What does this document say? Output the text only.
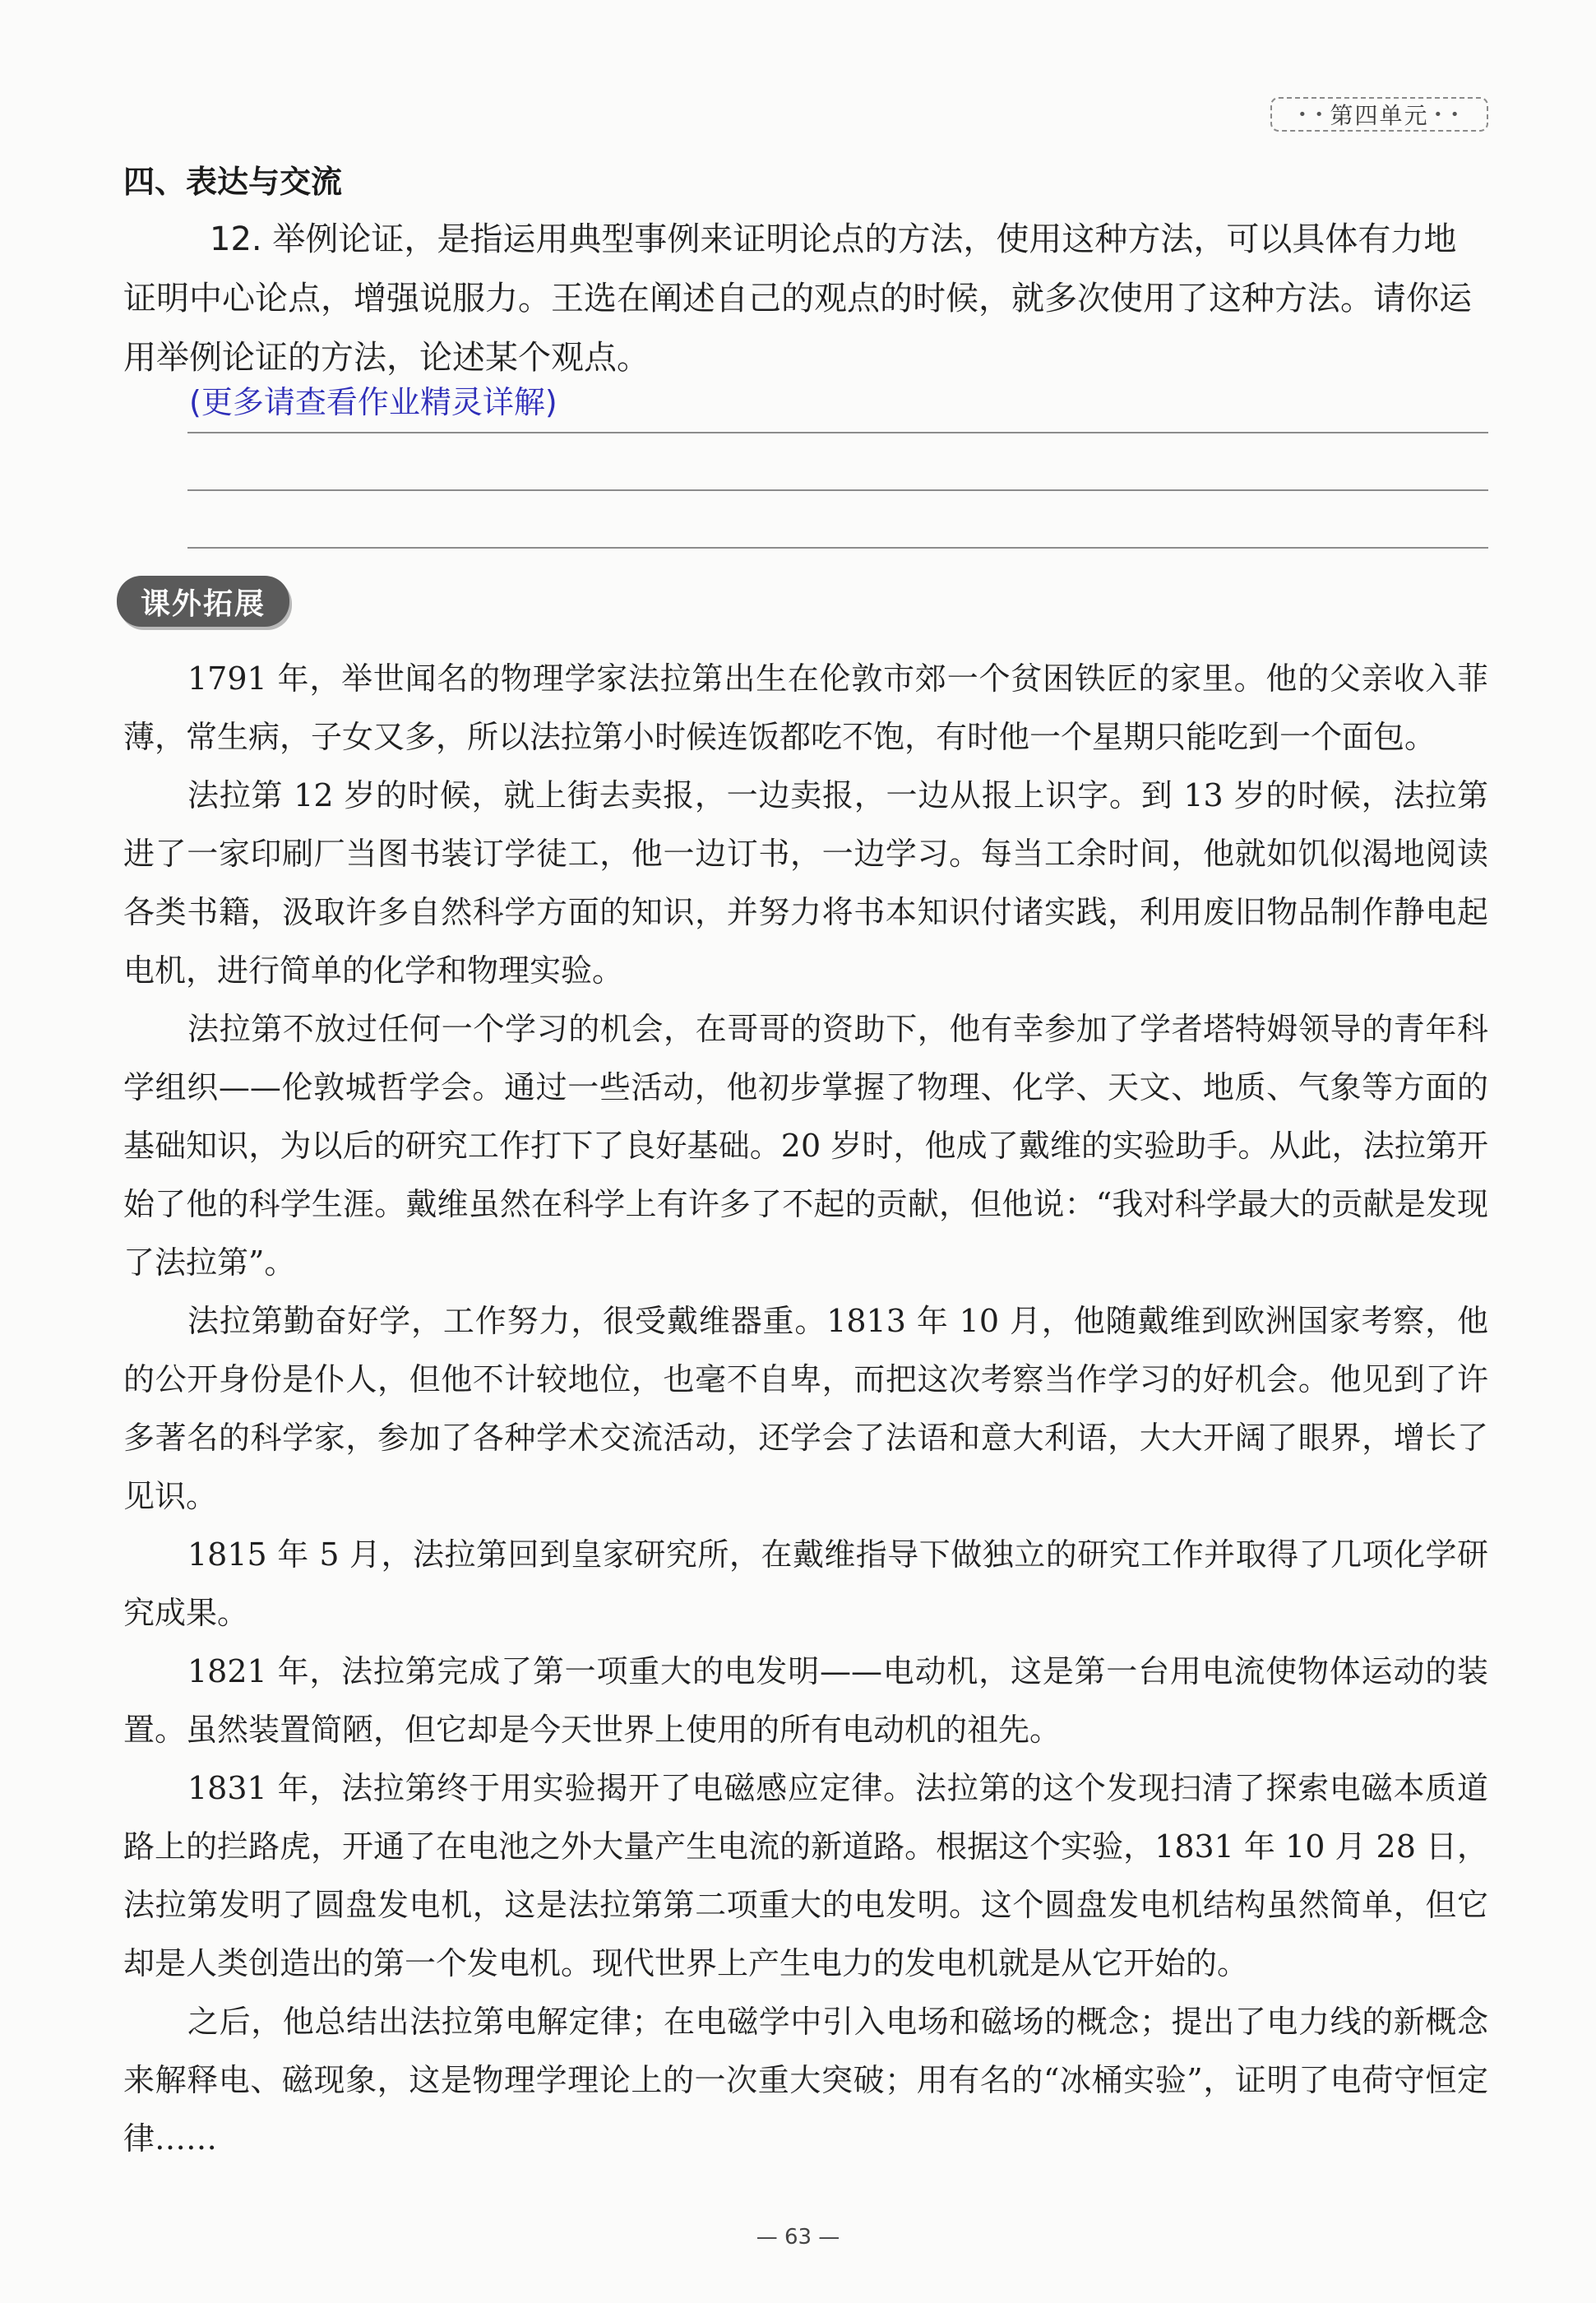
• • 第四单元 • •
四、表达与交流

12. 举例论证，是指运用典型事例来证明论点的方法，使用这种方法，可以具体有力地证明中心论点，增强说服力。王选在阐述自己的观点的时候，就多次使用了这种方法。请你运用举例论证的方法，论述某个观点。

(更多请查看作业精灵详解)
课外拓展

1791 年，举世闻名的物理学家法拉第出生在伦敦市郊一个贫困铁匠的家里。他的父亲收入菲薄，常生病，子女又多，所以法拉第小时候连饭都吃不饱，有时他一个星期只能吃到一个面包。

法拉第 12 岁的时候，就上街去卖报，一边卖报，一边从报上识字。到 13 岁的时候，法拉第进了一家印刷厂当图书装订学徒工，他一边订书，一边学习。每当工余时间，他就如饥似渴地阅读各类书籍，汲取许多自然科学方面的知识，并努力将书本知识付诸实践，利用废旧物品制作静电起电机，进行简单的化学和物理实验。

法拉第不放过任何一个学习的机会，在哥哥的资助下，他有幸参加了学者塔特姆领导的青年科学组织——伦敦城哲学会。通过一些活动，他初步掌握了物理、化学、天文、地质、气象等方面的基础知识，为以后的研究工作打下了良好基础。20 岁时，他成了戴维的实验助手。从此，法拉第开始了他的科学生涯。戴维虽然在科学上有许多了不起的贡献，但他说：“我对科学最大的贡献是发现了法拉第”。

法拉第勤奋好学，工作努力，很受戴维器重。1813 年 10 月，他随戴维到欧洲国家考察，他的公开身份是仆人，但他不计较地位，也毫不自卑，而把这次考察当作学习的好机会。他见到了许多著名的科学家，参加了各种学术交流活动，还学会了法语和意大利语，大大开阔了眼界，增长了见识。

1815 年 5 月，法拉第回到皇家研究所，在戴维指导下做独立的研究工作并取得了几项化学研究成果。

1821 年，法拉第完成了第一项重大的电发明——电动机，这是第一台用电流使物体运动的装置。虽然装置简陋，但它却是今天世界上使用的所有电动机的祖先。

1831 年，法拉第终于用实验揭开了电磁感应定律。法拉第的这个发现扫清了探索电磁本质道路上的拦路虎，开通了在电池之外大量产生电流的新道路。根据这个实验，1831 年 10 月 28 日，法拉第发明了圆盘发电机，这是法拉第第二项重大的电发明。这个圆盘发电机结构虽然简单，但它却是人类创造出的第一个发电机。现代世界上产生电力的发电机就是从它开始的。

之后，他总结出法拉第电解定律；在电磁学中引入电场和磁场的概念；提出了电力线的新概念来解释电、磁现象，这是物理学理论上的一次重大突破；用有名的“冰桶实验”，证明了电荷守恒定律……

— 63 —
